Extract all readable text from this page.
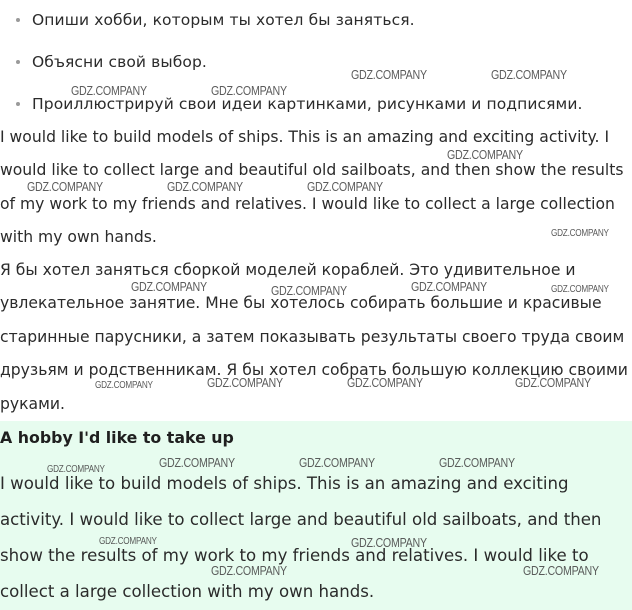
Опиши хобби, которым ты хотел бы заняться.
Объясни свой выбор.
Проиллюстрируй свои идеи картинками, рисунками и подписями.

I would like to build models of ships. This is an amazing and exciting activity. I would like to collect large and beautiful old sailboats, and then show the results of my work to my friends and relatives. I would like to collect a large collection with my own hands.

Я бы хотел заняться сборкой моделей кораблей. Это удивительное и увлекательное занятие. Мне бы хотелось собирать большие и красивые старинные парусники, а затем показывать результаты своего труда своим друзьям и родственникам. Я бы хотел собрать большую коллекцию своими руками.

A hobby I'd like to take up

I would like to build models of ships. This is an amazing and exciting activity. I would like to collect large and beautiful old sailboats, and then show the results of my work to my friends and relatives. I would like to collect a large collection with my own hands.

GDZ.COMPANY	GDZ.COMPANY
GDZ.COMPANY	GDZ.COMPANY
GDZ.COMPANY
GDZ.COMPANY	GDZ.COMPANY	GDZ.COMPANY
GDZ.COMPANY
GDZ.COMPANY	GDZ.COMPANY	GDZ.COMPANY	GDZ.COMPANY
GDZ.COMPANY	GDZ.COMPANY	GDZ.COMPANY	GDZ.COMPANY
GDZ.COMPANY	GDZ.COMPANY	GDZ.COMPANY	GDZ.COMPANY
GDZ.COMPANY	GDZ.COMPANY
GDZ.COMPANY	GDZ.COMPANY
